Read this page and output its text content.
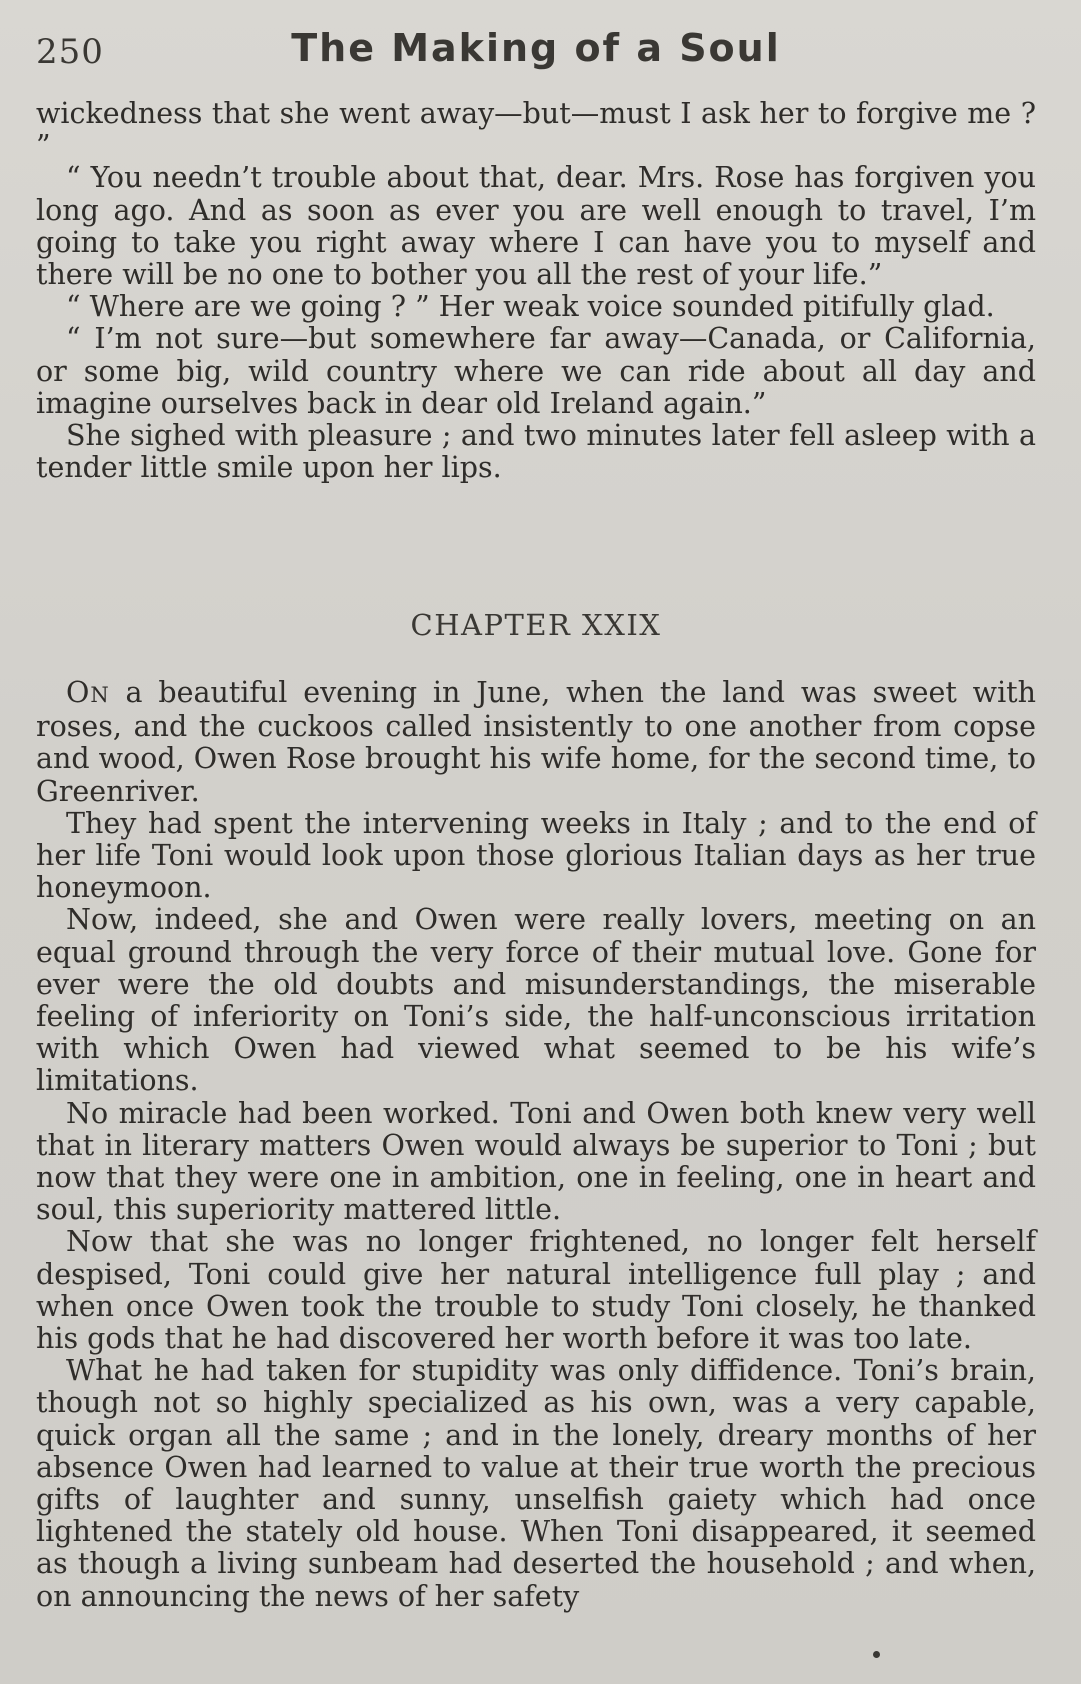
250	The Making of a Soul

wickedness that she went away—but—must I ask her to forgive me ? ”

“ You needn’t trouble about that, dear. Mrs. Rose has forgiven you long ago. And as soon as ever you are well enough to travel, I’m going to take you right away where I can have you to myself and there will be no one to bother you all the rest of your life.”

“ Where are we going ? ” Her weak voice sounded pitifully glad.

“ I’m not sure—but somewhere far away—Canada, or California, or some big, wild country where we can ride about all day and imagine ourselves back in dear old Ireland again.”

She sighed with pleasure ; and two minutes later fell asleep with a tender little smile upon her lips.

CHAPTER XXIX

ON a beautiful evening in June, when the land was sweet with roses, and the cuckoos called insistently to one another from copse and wood, Owen Rose brought his wife home, for the second time, to Greenriver.

They had spent the intervening weeks in Italy ; and to the end of her life Toni would look upon those glorious Italian days as her true honeymoon.

Now, indeed, she and Owen were really lovers, meeting on an equal ground through the very force of their mutual love. Gone for ever were the old doubts and misunderstandings, the miserable feeling of inferiority on Toni’s side, the half-unconscious irritation with which Owen had viewed what seemed to be his wife’s limitations.

No miracle had been worked. Toni and Owen both knew very well that in literary matters Owen would always be superior to Toni ; but now that they were one in ambition, one in feeling, one in heart and soul, this superiority mattered little.

Now that she was no longer frightened, no longer felt herself despised, Toni could give her natural intelligence full play ; and when once Owen took the trouble to study Toni closely, he thanked his gods that he had discovered her worth before it was too late.

What he had taken for stupidity was only diffidence. Toni’s brain, though not so highly specialized as his own, was a very capable, quick organ all the same ; and in the lonely, dreary months of her absence Owen had learned to value at their true worth the precious gifts of laughter and sunny, unselfish gaiety which had once lightened the stately old house. When Toni disappeared, it seemed as though a living sunbeam had deserted the household ; and when, on announcing the news of her safety
